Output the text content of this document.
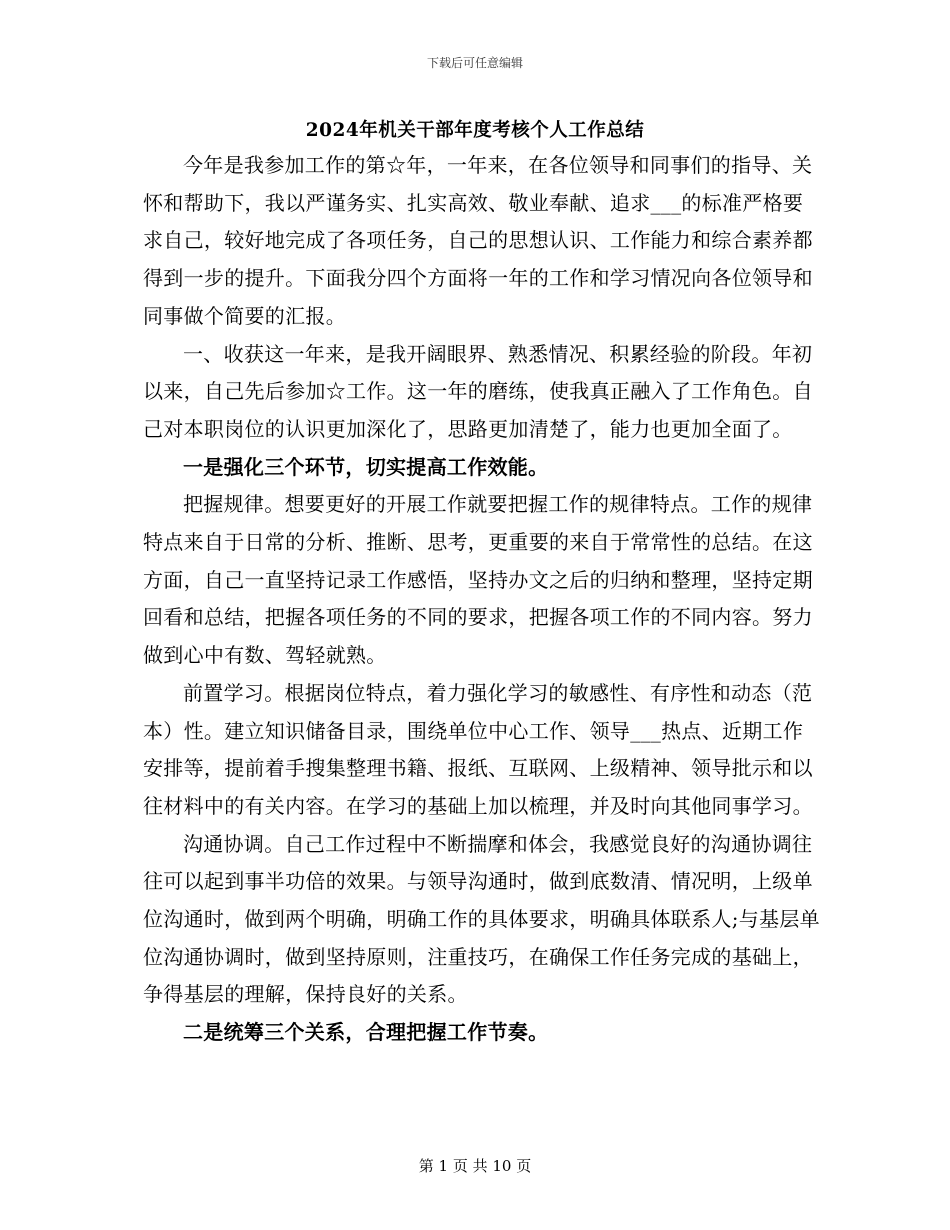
下载后可任意编辑
2024年机关干部年度考核个人工作总结

今年是我参加工作的第☆年，一年来，在各位领导和同事们的指导、关怀和帮助下，我以严谨务实、扎实高效、敬业奉献、追求___的标准严格要求自己，较好地完成了各项任务，自己的思想认识、工作能力和综合素养都得到一步的提升。下面我分四个方面将一年的工作和学习情况向各位领导和同事做个简要的汇报。

一、收获这一年来，是我开阔眼界、熟悉情况、积累经验的阶段。年初以来，自己先后参加☆工作。这一年的磨练，使我真正融入了工作角色。自己对本职岗位的认识更加深化了，思路更加清楚了，能力也更加全面了。

一是强化三个环节，切实提高工作效能。

把握规律。想要更好的开展工作就要把握工作的规律特点。工作的规律特点来自于日常的分析、推断、思考，更重要的来自于常常性的总结。在这方面，自己一直坚持记录工作感悟，坚持办文之后的归纳和整理，坚持定期回看和总结，把握各项任务的不同的要求，把握各项工作的不同内容。努力做到心中有数、驾轻就熟。

前置学习。根据岗位特点，着力强化学习的敏感性、有序性和动态（范本）性。建立知识储备目录，围绕单位中心工作、领导___热点、近期工作安排等，提前着手搜集整理书籍、报纸、互联网、上级精神、领导批示和以往材料中的有关内容。在学习的基础上加以梳理，并及时向其他同事学习。

沟通协调。自己工作过程中不断揣摩和体会，我感觉良好的沟通协调往往可以起到事半功倍的效果。与领导沟通时，做到底数清、情况明，上级单位沟通时，做到两个明确，明确工作的具体要求，明确具体联系人;与基层单位沟通协调时，做到坚持原则，注重技巧，在确保工作任务完成的基础上，争得基层的理解，保持良好的关系。

二是统筹三个关系，合理把握工作节奏。

第 1 页 共 10 页
